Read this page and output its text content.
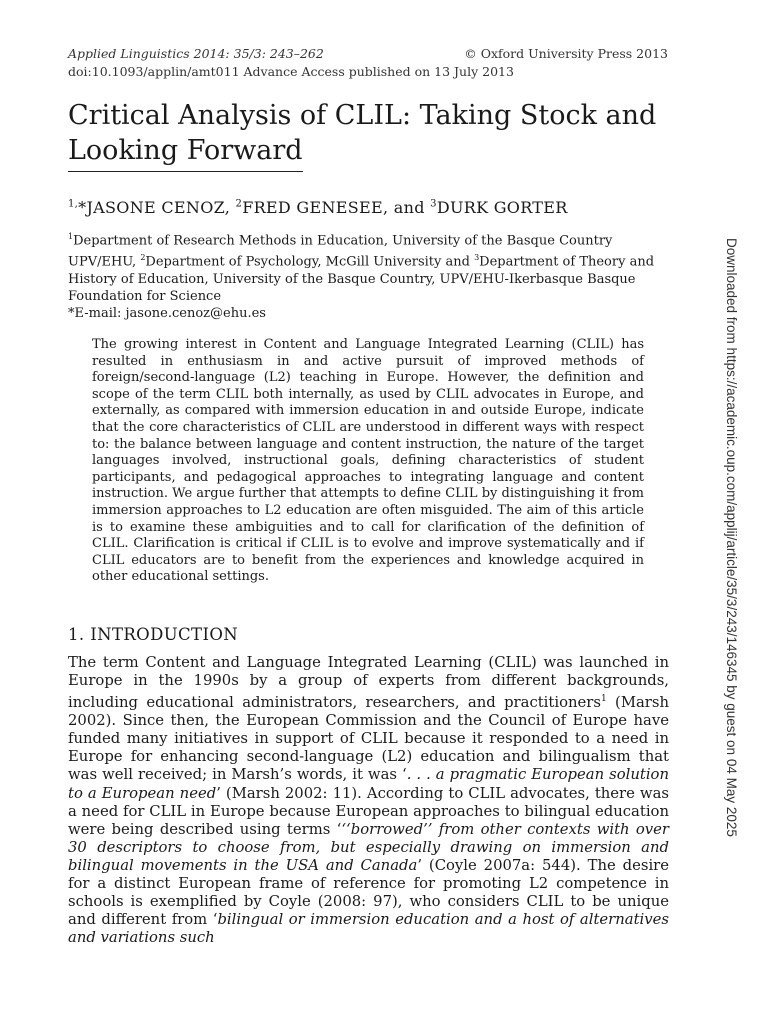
Applied Linguistics 2014: 35/3: 243–262	© Oxford University Press 2013
doi:10.1093/applin/amt011 Advance Access published on 13 July 2013
Critical Analysis of CLIL: Taking Stock and
Looking Forward
$^{1,}$*JASONE CENOZ, $^2$FRED GENESEE, and $^3$DURK GORTER

$^1$Department of Research Methods in Education, University of the Basque Country UPV/EHU, $^2$Department of Psychology, McGill University and $^3$Department of Theory and History of Education, University of the Basque Country, UPV/EHU-Ikerbasque Basque Foundation for Science
*E-mail: jasone.cenoz@ehu.es

The growing interest in Content and Language Integrated Learning (CLIL) has resulted in enthusiasm in and active pursuit of improved methods of foreign/second-language (L2) teaching in Europe. However, the definition and scope of the term CLIL both internally, as used by CLIL advocates in Europe, and externally, as compared with immersion education in and outside Europe, indicate that the core characteristics of CLIL are understood in different ways with respect to: the balance between language and content instruction, the nature of the target languages involved, instructional goals, defining characteristics of student participants, and pedagogical approaches to integrating language and content instruction. We argue further that attempts to define CLIL by distinguishing it from immersion approaches to L2 education are often misguided. The aim of this article is to examine these ambiguities and to call for clarification of the definition of CLIL. Clarification is critical if CLIL is to evolve and improve systematically and if CLIL educators are to benefit from the experiences and knowledge acquired in other educational settings.

1. INTRODUCTION

The term Content and Language Integrated Learning (CLIL) was launched in Europe in the 1990s by a group of experts from different backgrounds, including educational administrators, researchers, and practitioners$^1$ (Marsh 2002). Since then, the European Commission and the Council of Europe have funded many initiatives in support of CLIL because it responded to a need in Europe for enhancing second-language (L2) education and bilingualism that was well received; in Marsh’s words, it was ‘. . . a pragmatic European solution to a European need’ (Marsh 2002: 11). According to CLIL advocates, there was a need for CLIL in Europe because European approaches to bilingual education were being described using terms ‘‘‘borrowed’’ from other contexts with over 30 descriptors to choose from, but especially drawing on immersion and bilingual movements in the USA and Canada’ (Coyle 2007a: 544). The desire for a distinct European frame of reference for promoting L2 competence in schools is exemplified by Coyle (2008: 97), who considers CLIL to be unique and different from ‘bilingual or immersion education and a host of alternatives and variations such

Downloaded from https://academic.oup.com/applij/article/35/3/243/146345 by guest on 04 May 2025
